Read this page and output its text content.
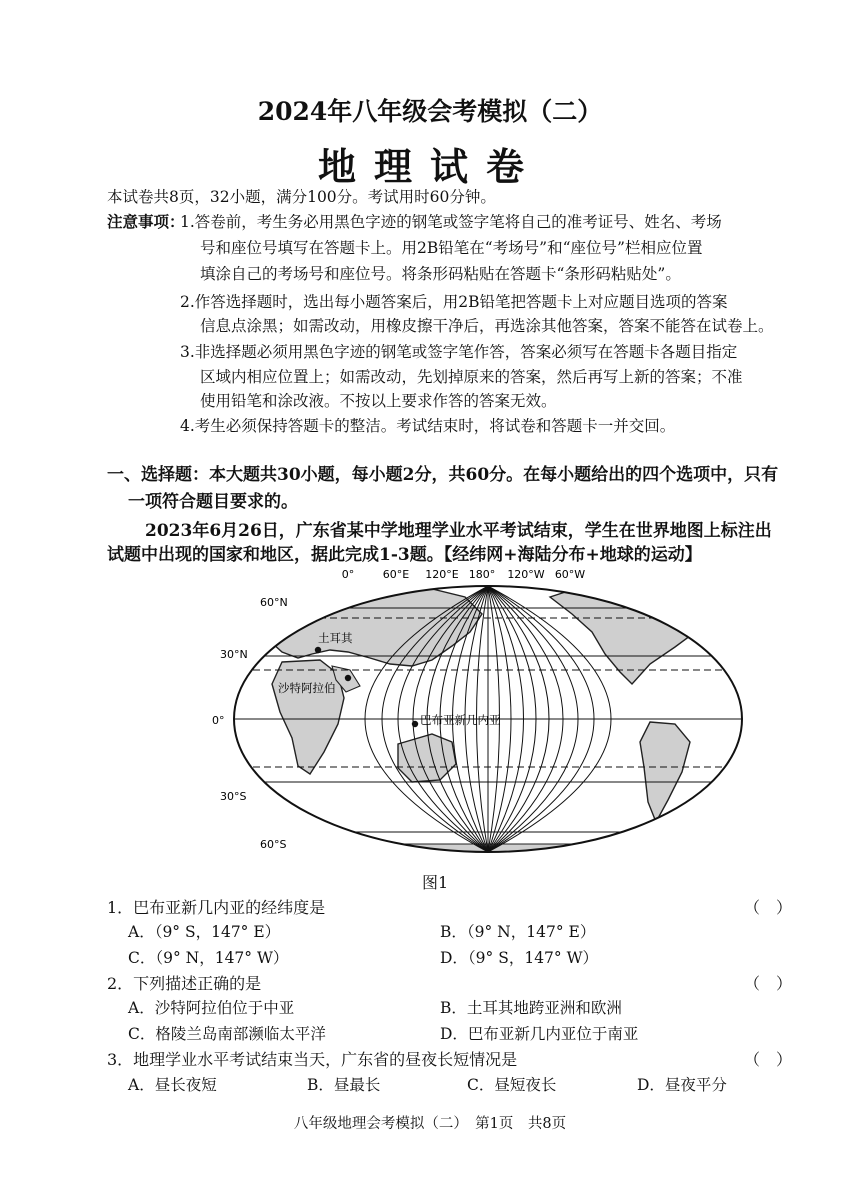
2024年八年级会考模拟（二）
地理试卷
本试卷共8页，32小题，满分100分。考试用时60分钟。
注意事项：
1.答卷前，考生务必用黑色字迹的钢笔或签字笔将自己的准考证号、姓名、考场
号和座位号填写在答题卡上。用2B铅笔在“考场号”和“座位号”栏相应位置
填涂自己的考场号和座位号。将条形码粘贴在答题卡“条形码粘贴处”。
2.作答选择题时，选出每小题答案后，用2B铅笔把答题卡上对应题目选项的答案
信息点涂黑；如需改动，用橡皮擦干净后，再选涂其他答案，答案不能答在试卷上。
3.非选择题必须用黑色字迹的钢笔或签字笔作答，答案必须写在答题卡各题目指定
区域内相应位置上；如需改动，先划掉原来的答案，然后再写上新的答案；不准
使用铅笔和涂改液。不按以上要求作答的答案无效。
4.考生必须保持答题卡的整洁。考试结束时，将试卷和答题卡一并交回。
一、选择题：本大题共30小题，每小题2分，共60分。在每小题给出的四个选项中，只有
一项符合题目要求的。
2023年6月26日，广东省某中学地理学业水平考试结束，学生在世界地图上标注出
试题中出现的国家和地区，据此完成1-3题。【经纬网+海陆分布+地球的运动】
0°	60°E 120°E 180° 120°W 60°W
60°N
30°N
0°
30°S
60°S
土耳其
沙特阿拉伯
巴布亚新几内亚
图1
1．巴布亚新几内亚的经纬度是	（　）
A．（9° S，147° E）	B．（9° N，147° E）
C．（9° N，147° W）	D．（9° S，147° W）
2．下列描述正确的是	（　）
A．沙特阿拉伯位于中亚	B．土耳其地跨亚洲和欧洲
C．格陵兰岛南部濒临太平洋	D．巴布亚新几内亚位于南亚
3．地理学业水平考试结束当天，广东省的昼夜长短情况是	（　）
A．昼长夜短	B．昼最长	C．昼短夜长	D．昼夜平分
八年级地理会考模拟（二）　第1页　共8页
